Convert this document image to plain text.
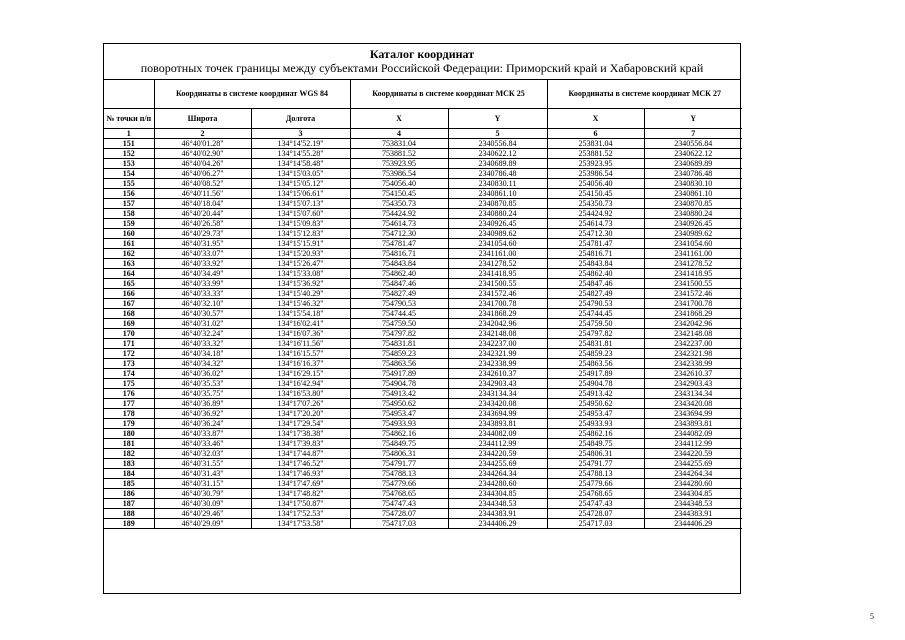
Каталог координат
поворотных точек границы между субъектами Российской Федерации: Приморский край и Хабаровский край
	Координаты в системе координат WGS 84		Координаты в системе координат МСК 25		Координаты в системе координат МСК 27	
№ точки п/п	Широта	Долгота	X	Y	X	Y
1	2	3	4	5	6	7
151	46°40'01.28"	134°14'52.19"	753831.04	2340556.84	253831.04	2340556.84
152	46°40'02.90"	134°14'55.28"	753881.52	2340622.12	253881.52	2340622.12
153	46°40'04.26"	134°14'58.48"	753923.95	2340689.89	253923.95	2340689.89
154	46°40'06.27"	134°15'03.05"	753986.54	2340786.48	253986.54	2340786.48
155	46°40'08.52"	134°15'05.12"	754056.40	2340830.11	254056.40	2340830.10
156	46°40'11.56"	134°15'06.61"	754150.45	2340861.10	254150.45	2340861.10
157	46°40'18.04"	134°15'07.13"	754350.73	2340870.85	254350.73	2340870.85
158	46°40'20.44"	134°15'07.60"	754424.92	2340880.24	254424.92	2340880.24
159	46°40'26.58"	134°15'09.83"	754614.73	2340926.45	254614.73	2340926.45
160	46°40'29.73"	134°15'12.83"	754712.30	2340989.62	254712.30	2340989.62
161	46°40'31.95"	134°15'15.91"	754781.47	2341054.60	254781.47	2341054.60
162	46°40'33.07"	134°15'20.93"	754816.71	2341161.00	254816.71	2341161.00
163	46°40'33.92"	134°15'26.47"	754843.84	2341278.52	254843.84	2341278.52
164	46°40'34.49"	134°15'33.08"	754862.40	2341418.95	254862.40	2341418.95
165	46°40'33.99"	134°15'36.92"	754847.46	2341500.55	254847.46	2341500.55
166	46°40'33.33"	134°15'40.29"	754827.49	2341572.46	254827.49	2341572.46
167	46°40'32.10"	134°15'46.32"	754790.53	2341700.78	254790.53	2341700.78
168	46°40'30.57"	134°15'54.18"	754744.45	2341868.29	254744.45	2341868.29
169	46°40'31.02"	134°16'02.41"	754759.50	2342042.96	254759.50	2342042.96
170	46°40'32.24"	134°16'07.36"	754797.82	2342148.08	254797.82	2342148.08
171	46°40'33.32"	134°16'11.56"	754831.81	2342237.00	254831.81	2342237.00
172	46°40'34.18"	134°16'15.57"	754859.23	2342321.99	254859.23	2342321.98
173	46°40'34.32"	134°16'16.37"	754863.56	2342338.99	254863.56	2342338.99
174	46°40'36.02"	134°16'29.15"	754917.89	2342610.37	254917.89	2342610.37
175	46°40'35.53"	134°16'42.94"	754904.78	2342903.43	254904.78	2342903.43
176	46°40'35.75"	134°16'53.80"	754913.42	2343134.34	254913.42	2343134.34
177	46°40'36.89"	134°17'07.26"	754950.62	2343420.08	254950.62	2343420.08
178	46°40'36.92"	134°17'20.20"	754953.47	2343694.99	254953.47	2343694.99
179	46°40'36.24"	134°17'29.54"	754933.93	2343893.81	254933.93	2343893.81
180	46°40'33.87"	134°17'38.38"	754862.16	2344082.09	254862.16	2344082.09
181	46°40'33.46"	134°17'39.83"	754849.75	2344112.99	254849.75	2344112.99
182	46°40'32.03"	134°17'44.87"	754806.31	2344220.59	254806.31	2344220.59
183	46°40'31.55"	134°17'46.52"	754791.77	2344255.69	254791.77	2344255.69
184	46°40'31.43"	134°17'46.93"	754788.13	2344264.34	254788.13	2344264.34
185	46°40'31.15"	134°17'47.69"	754779.66	2344280.60	254779.66	2344280.60
186	46°40'30.79"	134°17'48.82"	754768.65	2344304.85	254768.65	2344304.85
187	46°40'30.09"	134°17'50.87"	754747.43	2344348.53	254747.43	2344348.53
188	46°40'29.46"	134°17'52.53"	754728.07	2344383.91	254728.07	2344383.91
189	46°40'29.09"	134°17'53.58"	754717.03	2344406.29	254717.03	2344406.29
5
